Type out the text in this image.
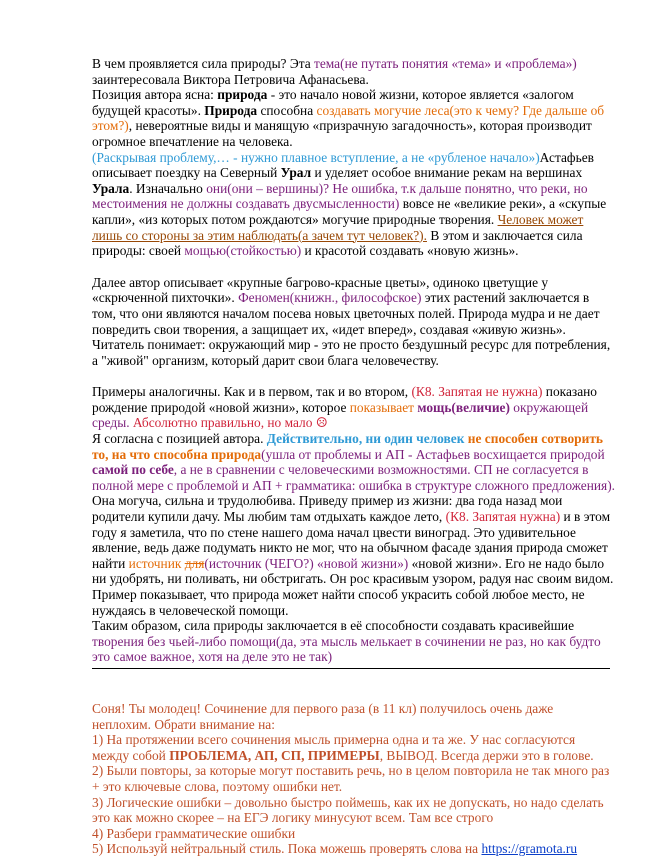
В чем проявляется сила природы? Эта тема(не путать понятия «тема» и «проблема») заинтересовала Виктора Петровича Афанасьева.

Позиция автора ясна: природа - это начало новой жизни, которое является «залогом будущей красоты». Природа способна создавать могучие леса(это к чему? Где дальше об этом?), невероятные виды и манящую «призрачную загадочность», которая производит огромное впечатление на человека.

(Раскрывая проблему,… - нужно плавное вступление, а не «рубленое начало»)Астафьев описывает поездку на Северный Урал и уделяет особое внимание рекам на вершинах Урала. Изначально они(они – вершины)? Не ошибка, т.к дальше понятно, что реки, но местоимения не должны создавать двусмысленности) вовсе не «великие реки», а «скупые капли», «из которых потом рождаются» могучие природные творения. Человек может лишь со стороны за этим наблюдать(а зачем тут человек?). В этом и заключается сила природы: своей мощью(стойкостью) и красотой создавать «новую жизнь».

Далее автор описывает «крупные багрово-красные цветы», одиноко цветущие у «скрюченной пихточки». Феномен(книжн., философское) этих растений заключается в том, что они являются началом посева новых цветочных полей. Природа мудра и не дает повредить свои творения, а защищает их, «идет вперед», создавая «живую жизнь». Читатель понимает: окружающий мир - это не просто бездушный ресурс для потребления, а "живой" организм, который дарит свои блага человечеству.

Примеры аналогичны. Как и в первом, так и во втором, (К8. Запятая не нужна) показано рождение природой «новой жизни», которое показывает мощь(величие) окружающей среды. Абсолютно правильно, но мало ☹

Я согласна с позицией автора. Действительно, ни один человек не способен сотворить то, на что способна природа(ушла от проблемы и АП - Астафьев восхищается природой самой по себе, а не в сравнении с человеческими возможностями. СП не согласуется в полной мере с проблемой и АП + грамматика: ошибка в структуре сложного предложения). Она могуча, сильна и трудолюбива. Приведу пример из жизни: два года назад мои родители купили дачу. Мы любим там отдыхать каждое лето, (К8. Запятая нужна) и в этом году я заметила, что по стене нашего дома начал цвести виноград. Это удивительное явление, ведь даже подумать никто не мог, что на обычном фасаде здания природа сможет найти источник для(источник (ЧЕГО?) «новой жизни») «новой жизни». Его не надо было ни удобрять, ни поливать, ни обстригать. Он рос красивым узором, радуя нас своим видом. Пример показывает, что природа может найти способ украсить собой любое место, не нуждаясь в человеческой помощи.

Таким образом, сила природы заключается в её способности создавать красивейшие творения без чьей-либо помощи(да, эта мысль мелькает в сочинении не раз, но как будто это самое важное, хотя на деле это не так)

Соня! Ты молодец! Сочинение для первого раза (в 11 кл) получилось очень даже неплохим. Обрати внимание на:

1) На протяжении всего сочинения мысль примерна одна и та же. У нас согласуются между собой ПРОБЛЕМА, АП, СП, ПРИМЕРЫ, ВЫВОД. Всегда держи это в голове.

2) Были повторы, за которые могут поставить речь, но в целом повторила не так много раз + это ключевые слова, поэтому ошибки нет.

3) Логические ошибки – довольно быстро поймешь, как их не допускать, но надо сделать это как можно скорее – на ЕГЭ логику минусуют всем. Там все строго

4) Разбери грамматические ошибки

5) Используй нейтральный стиль. Пока можешь проверять слова на https://gramota.ru
